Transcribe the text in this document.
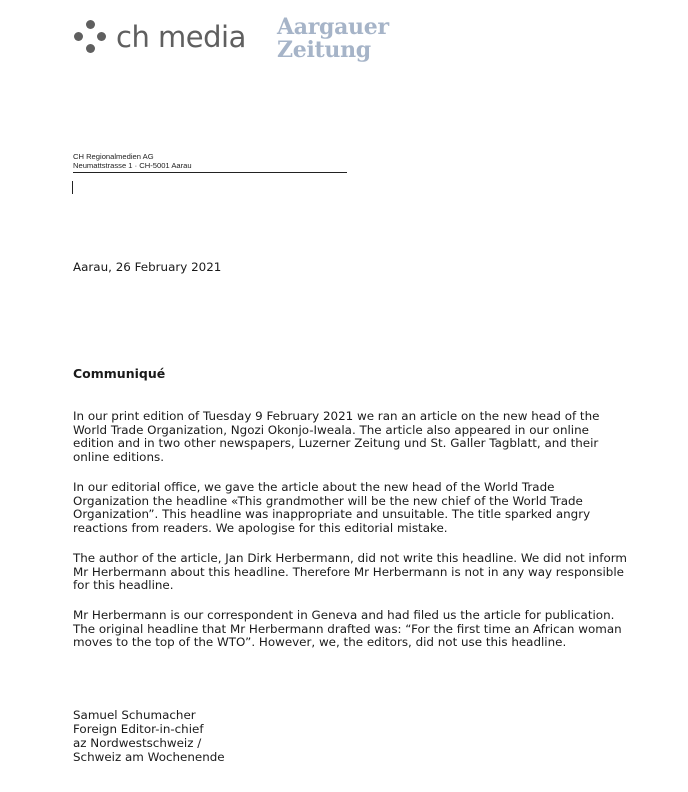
ch media Aargauer
Zeitung
CH Regionalmedien AG
Neumattstrasse 1 · CH-5001 Aarau
Aarau, 26 February 2021
Communiqué

In our print edition of Tuesday 9 February 2021 we ran an article on the new head of the
World Trade Organization, Ngozi Okonjo-Iweala. The article also appeared in our online
edition and in two other newspapers, Luzerner Zeitung und St. Galler Tagblatt, and their
online editions.

In our editorial office, we gave the article about the new head of the World Trade
Organization the headline «This grandmother will be the new chief of the World Trade
Organization”. This headline was inappropriate and unsuitable. The title sparked angry
reactions from readers. We apologise for this editorial mistake.

The author of the article, Jan Dirk Herbermann, did not write this headline. We did not inform
Mr Herbermann about this headline. Therefore Mr Herbermann is not in any way responsible
for this headline.

Mr Herbermann is our correspondent in Geneva and had filed us the article for publication.
The original headline that Mr Herbermann drafted was: “For the first time an African woman
moves to the top of the WTO”. However, we, the editors, did not use this headline.

Samuel Schumacher
Foreign Editor-in-chief
az Nordwestschweiz /
Schweiz am Wochenende
